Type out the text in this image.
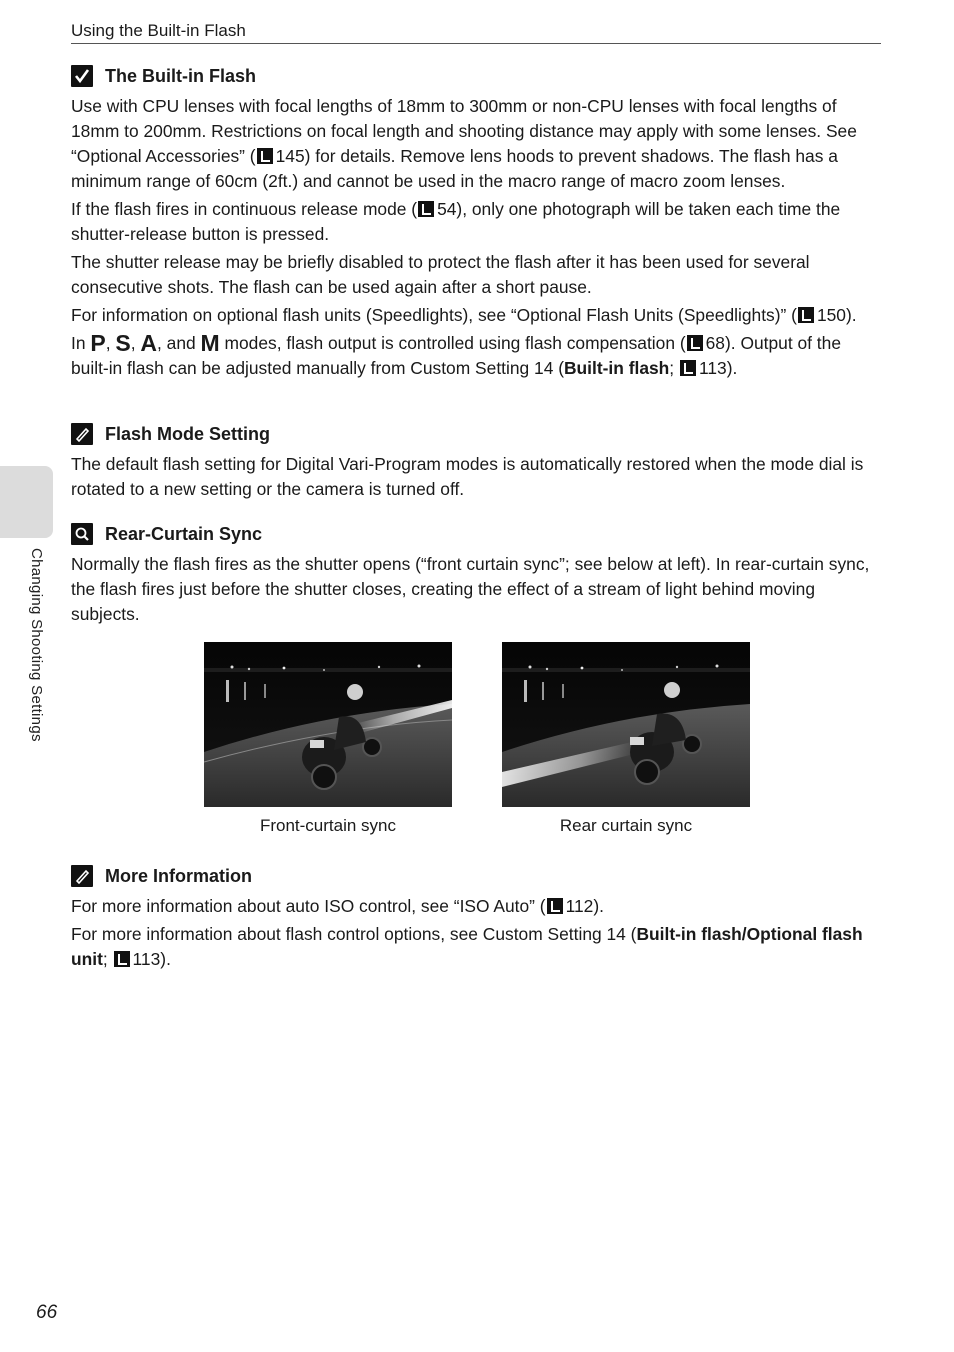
Using the Built-in Flash
Changing Shooting Settings
The Built-in Flash

Use with CPU lenses with focal lengths of 18mm to 300mm or non-CPU lenses with focal lengths of 18mm to 200mm. Restrictions on focal length and shooting distance may apply with some lenses. See “Optional Accessories” ( 145) for details. Remove lens hoods to prevent shadows. The flash has a minimum range of 60cm (2ft.) and cannot be used in the macro range of macro zoom lenses.

If the flash fires in continuous release mode ( 54), only one photograph will be taken each time the shutter-release button is pressed.

The shutter release may be briefly disabled to protect the flash after it has been used for several consecutive shots. The flash can be used again after a short pause.

For information on optional flash units (Speedlights), see “Optional Flash Units (Speedlights)” ( 150).

In P, S, A, and M modes, flash output is controlled using flash compensation ( 68). Output of the built-in flash can be adjusted manually from Custom Setting 14 (Built-in flash; 113).

Flash Mode Setting

The default flash setting for Digital Vari-Program modes is automatically restored when the mode dial is rotated to a new setting or the camera is turned off.

Rear-Curtain Sync

Normally the flash fires as the shutter opens (“front curtain sync”; see below at left). In rear-curtain sync, the flash fires just before the shutter closes, creating the effect of a stream of light behind moving subjects.

Front-curtain sync	Rear curtain sync
More Information

For more information about auto ISO control, see “ISO Auto” ( 112).

For more information about flash control options, see Custom Setting 14 (Built-in flash/Optional flash unit; 113).

66
